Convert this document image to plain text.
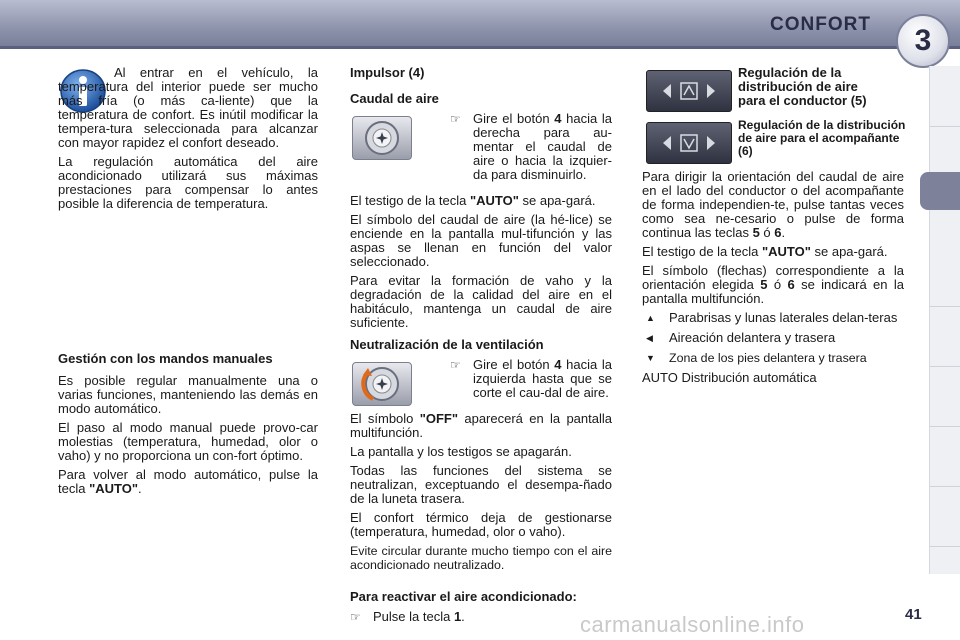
CONFORT	3

Al entrar en el vehículo, la temperatura del interior puede ser mucho más fría (o más ca-liente) que la temperatura de confort. Es inútil modificar la tempera-tura seleccionada para alcanzar con mayor rapidez el confort deseado.

La regulación automática del aire acondicionado utilizará sus máximas prestaciones para compensar lo antes posible la diferencia de temperatura.

Gestión con los mandos manuales

Es posible regular manualmente una o varias funciones, manteniendo las demás en modo automático.

El paso al modo manual puede provo-car molestias (temperatura, humedad, olor o vaho) y no proporciona un con-fort óptimo.

Para volver al modo automático, pulse la tecla "AUTO".

Impulsor (4)

Caudal de aire

☞ Gire el botón 4 hacia la derecha para au-mentar el caudal de aire o hacia la izquier-da para disminuirlo.

El testigo de la tecla "AUTO" se apa-gará.

El símbolo del caudal de aire (la hé-lice) se enciende en la pantalla mul-tifunción y las aspas se llenan en función del valor seleccionado.

Para evitar la formación de vaho y la degradación de la calidad del aire en el habitáculo, mantenga un caudal de aire suficiente.

Neutralización de la ventilación

☞ Gire el botón 4 hacia la izquierda hasta que se corte el cau-dal de aire.

El símbolo "OFF" aparecerá en la pantalla multifunción.

La pantalla y los testigos se apagarán.

Todas las funciones del sistema se neutralizan, exceptuando el desempa-ñado de la luneta trasera.

El confort térmico deja de gestionarse (temperatura, humedad, olor o vaho).

Evite circular durante mucho tiempo con el aire acondicionado neutralizado.

Para reactivar el aire acondicionado:

☞ Pulse la tecla 1.

Regulación de la distribución de aire para el conductor (5)
Regulación de la distribución de aire para el acompañante (6)

Para dirigir la orientación del caudal de aire en el lado del conductor o del acompañante de forma independien-te, pulse tantas veces como sea ne-cesario o pulse de forma continua las teclas 5 ó 6.

El testigo de la tecla "AUTO" se apa-gará.

El símbolo (flechas) correspondiente a la orientación elegida 5 ó 6 se indicará en la pantalla multifunción.

▲	Parabrisas y lunas laterales delan-teras
◀	Aireación delantera y trasera
▼	Zona de los pies delantera y trasera

AUTO Distribución automática

carmanualsonline.info	41
